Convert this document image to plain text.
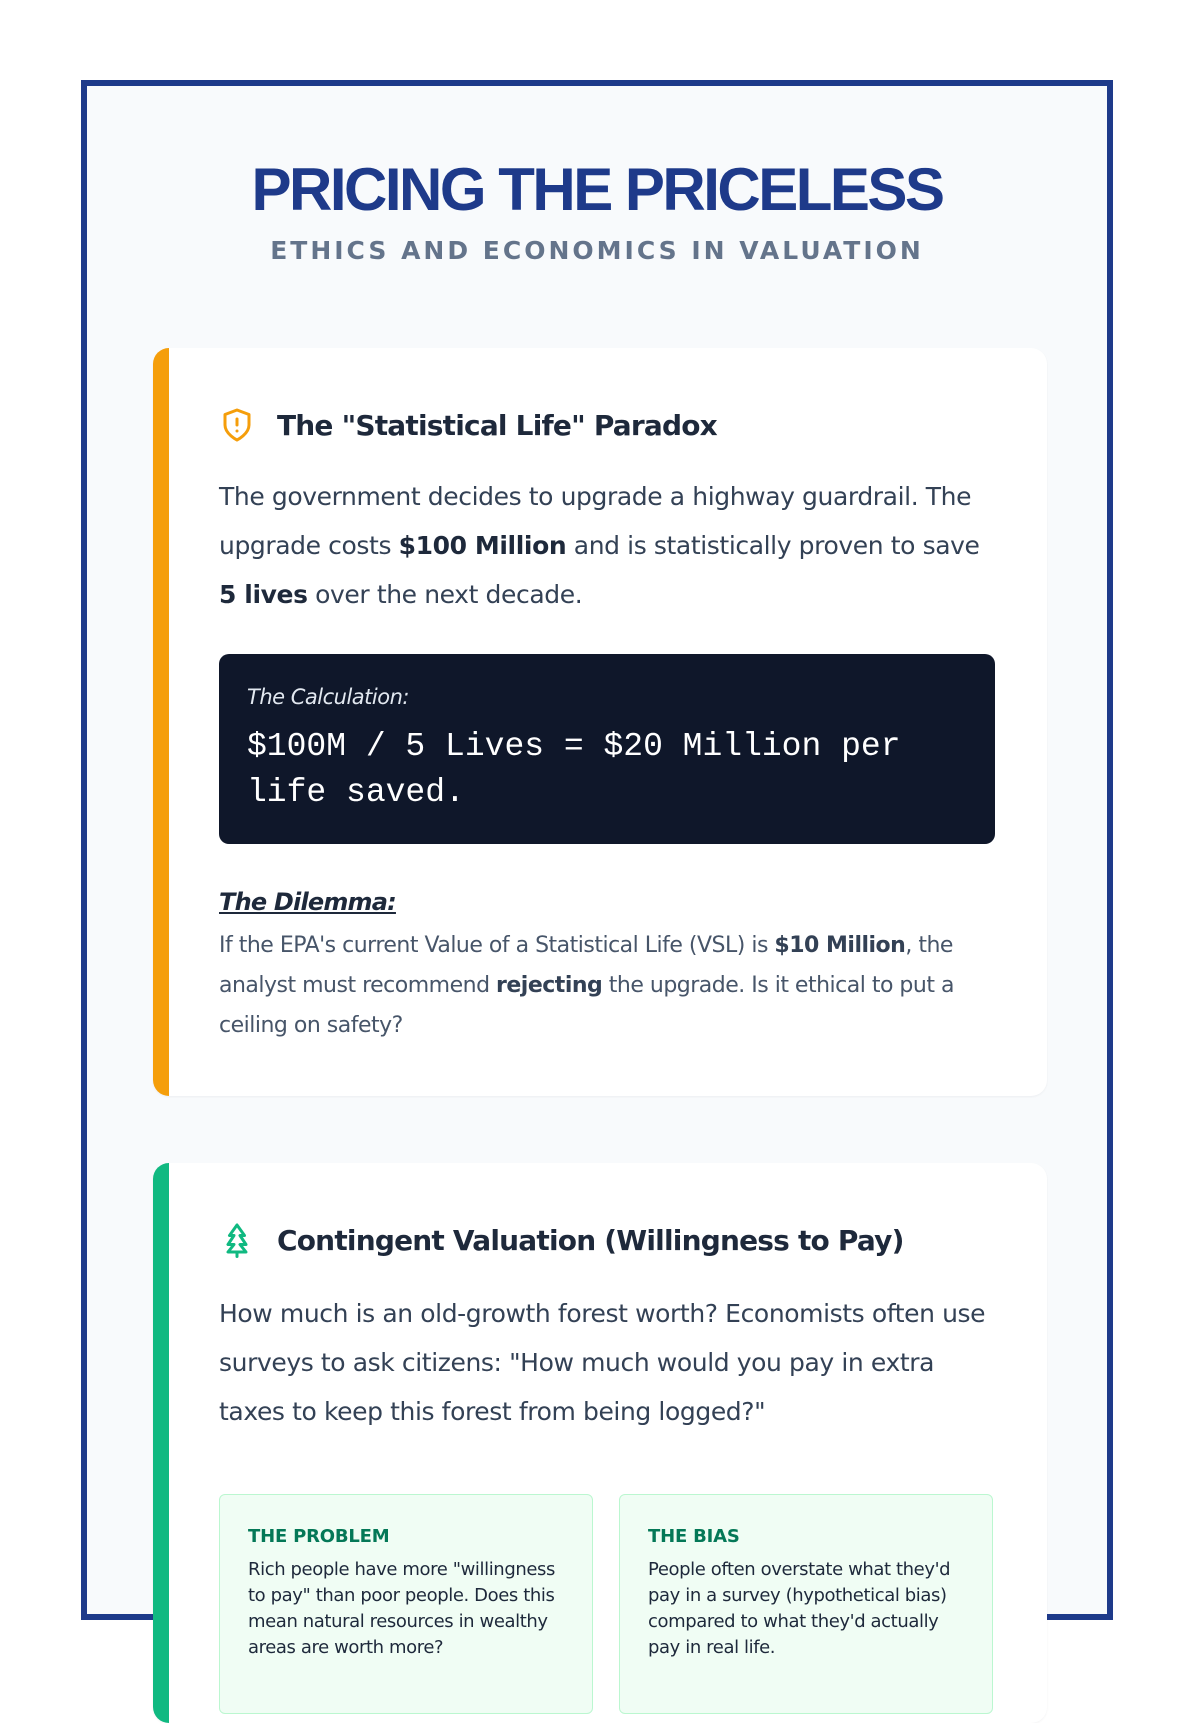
PRICING THE PRICELESS
ETHICS AND ECONOMICS IN VALUATION
The "Statistical Life" Paradox

The government decides to upgrade a highway guardrail. The upgrade costs $100 Million and is statistically proven to save 5 lives over the next decade.

The Calculation:
$100M / 5 Lives = $20 Million per life saved.
The Dilemma:

If the EPA's current Value of a Statistical Life (VSL) is $10 Million, the analyst must recommend rejecting the upgrade. Is it ethical to put a ceiling on safety?

Contingent Valuation (Willingness to Pay)

How much is an old-growth forest worth? Economists often use surveys to ask citizens: "How much would you pay in extra taxes to keep this forest from being logged?"

THE PROBLEM
Rich people have more "willingness to pay" than poor people. Does this mean natural resources in wealthy areas are worth more?
THE BIAS
People often overstate what they'd pay in a survey (hypothetical bias) compared to what they'd actually pay in real life.
